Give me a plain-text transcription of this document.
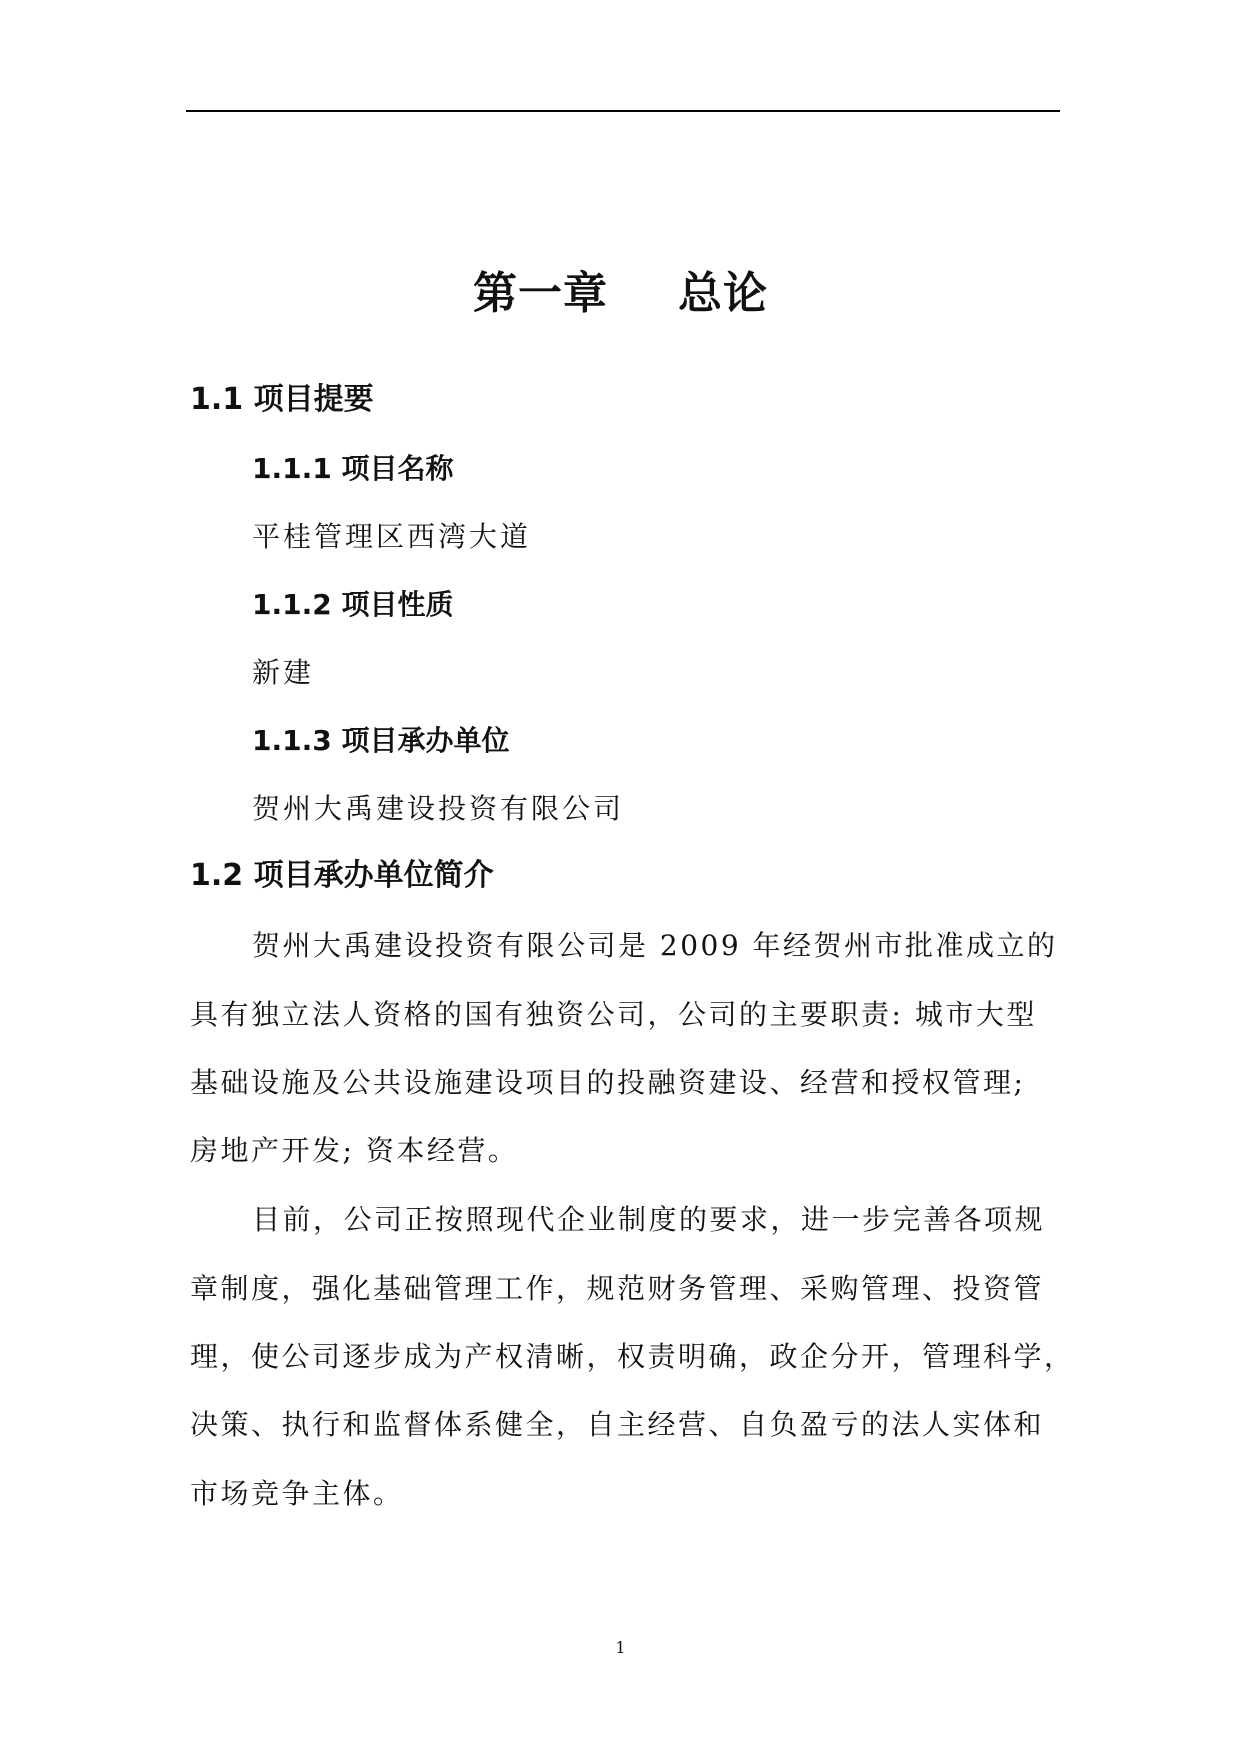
第一章 总论
1.1 项目提要
1.1.1 项目名称
平桂管理区西湾大道
1.1.2 项目性质
新建
1.1.3 项目承办单位
贺州大禹建设投资有限公司
1.2 项目承办单位简介
贺州大禹建设投资有限公司是 2009 年经贺州市批准成立的
具有独立法人资格的国有独资公司，公司的主要职责: 城市大型
基础设施及公共设施建设项目的投融资建设、经营和授权管理;
房地产开发; 资本经营。
目前，公司正按照现代企业制度的要求，进一步完善各项规
章制度，强化基础管理工作，规范财务管理、采购管理、投资管
理，使公司逐步成为产权清晰，权责明确，政企分开，管理科学，
决策、执行和监督体系健全，自主经营、自负盈亏的法人实体和
市场竞争主体。
1
